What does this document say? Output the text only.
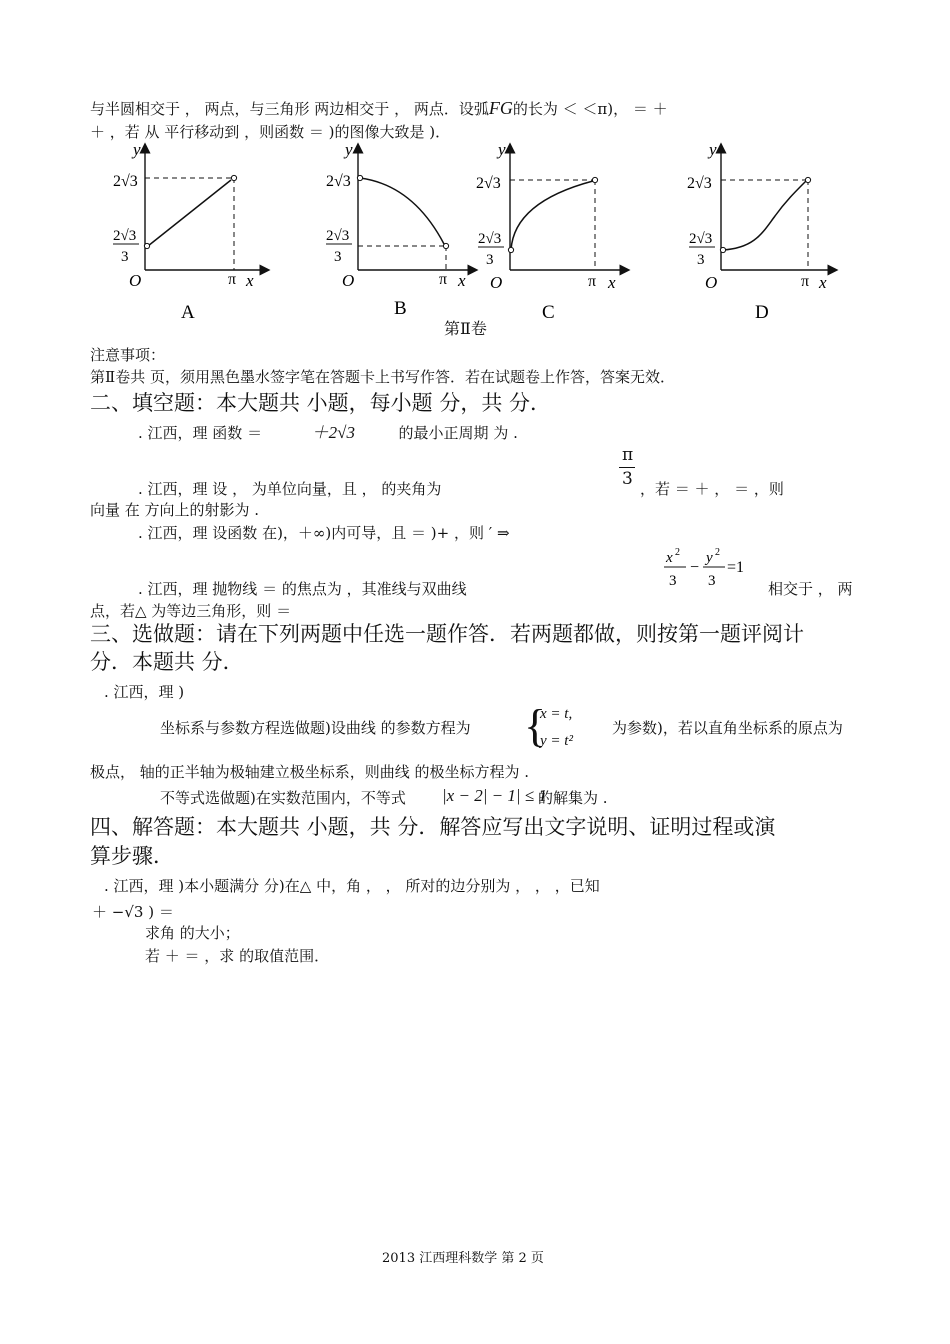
与半圆相交于 ， 两点，与三角形 两边相交于 ， 两点．设弧FG的长为 ＜ ＜π)， ＝ ＋
＋ ，若 从 平行移动到 ，则函数 ＝ )的图像大致是 )．
y
2√3
2√3
3
O	π x
A
y
2√3
2√3
3
O	π x
B
y
2√3
2√3
3
O	π x
C
y
2√3
2√3
3
O	π x
D
第Ⅱ卷
注意事项：
第Ⅱ卷共 页，须用黑色墨水签字笔在答题卡上书写作答．若在试题卷上作答，答案无效．
二、填空题：本大题共 小题，每小题 分，共 分．
. 江西，理 函数 ＝	＋2√3	的最小正周期 为 .
π
3
. 江西，理 设 ， 为单位向量，且 ， 的夹角为	，若 ＝ ＋ ， ＝ ，则
向量 在 方向上的射影为 .
. 江西，理 设函数 在)，＋∞)内可导，且 ＝ )+ ，则 ′ ⇒
. 江西，理 抛物线 ＝ 的焦点为 ，其准线与双曲线
x 2
3
−
y 2
3
=1
相交于 ， 两
点，若△ 为等边三角形，则 ＝
三、选做题：请在下列两题中任选一题作答．若两题都做，则按第一题评阅计
分．本题共 分．
. 江西，理 )
坐标系与参数方程选做题)设曲线 的参数方程为 {
x = t,
y = t²
为参数)，若以直角坐标系的原点为
极点， 轴的正半轴为极轴建立极坐标系，则曲线 的极坐标方程为 .
不等式选做题)在实数范围内，不等式 |x − 2| − 1| ≤ 1
的解集为 .
四、解答题：本大题共 小题，共 分．解答应写出文字说明、证明过程或演
算步骤．
. 江西，理 )本小题满分 分)在△ 中，角 ， ， 所对的边分别为 ， ， ，已知
＋ −√3 ) ＝
求角 的大小；
若 ＋ ＝ ，求 的取值范围．
2013 江西理科数学 第 2 页
